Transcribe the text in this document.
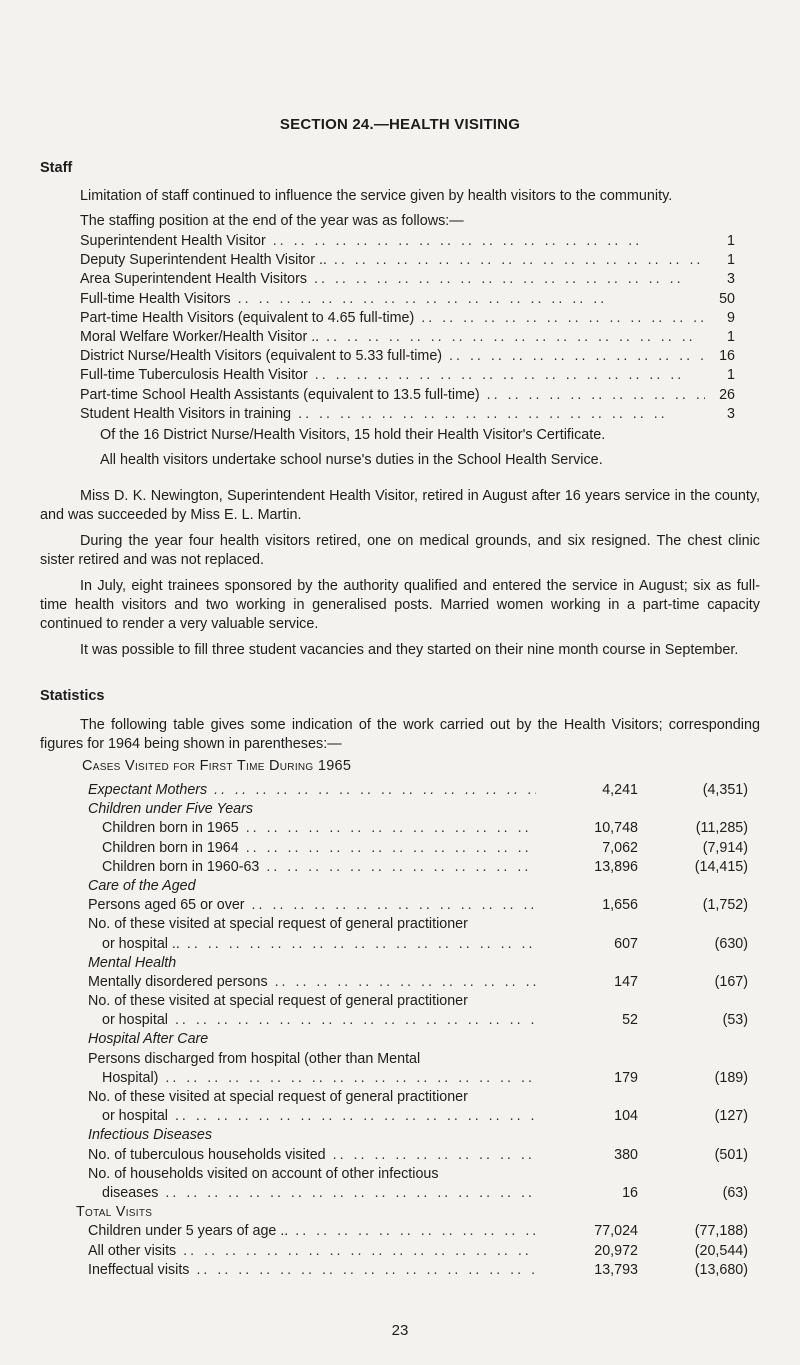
SECTION 24.—HEALTH VISITING
Staff
Limitation of staff continued to influence the service given by health visitors to the community.
The staffing position at the end of the year was as follows:—
Superintendent Health Visitor .. ..	1
Deputy Superintendent Health Visitor .. .. ..	1
Area Superintendent Health Visitors .. ..	3
Full-time Health Visitors .. ..	50
Part-time Health Visitors (equivalent to 4.65 full-time) .. ..	9
Moral Welfare Worker/Health Visitor .. .. ..	1
District Nurse/Health Visitors (equivalent to 5.33 full-time) .. ..	16
Full-time Tuberculosis Health Visitor .. ..	1
Part-time School Health Assistants (equivalent to 13.5 full-time) .. ..	26
Student Health Visitors in training .. ..	3
Of the 16 District Nurse/Health Visitors, 15 hold their Health Visitor's Certificate.
All health visitors undertake school nurse's duties in the School Health Service.
Miss D. K. Newington, Superintendent Health Visitor, retired in August after 16 years service in the county, and was succeeded by Miss E. L. Martin.
During the year four health visitors retired, one on medical grounds, and six resigned. The chest clinic sister retired and was not replaced.
In July, eight trainees sponsored by the authority qualified and entered the service in August; six as full-time health visitors and two working in generalised posts. Married women working in a part-time capacity continued to render a very valuable service.
It was possible to fill three student vacancies and they started on their nine month course in September.
Statistics
The following table gives some indication of the work carried out by the Health Visitors; corresponding figures for 1964 being shown in parentheses:—
Cases Visited for First Time During 1965
Expectant Mothers .. ..	4,241	(4,351)
Children under Five Years
Children born in 1965 .. ..	10,748	(11,285)
Children born in 1964 .. ..	7,062	(7,914)
Children born in 1960-63 .. ..	13,896	(14,415)
Care of the Aged
Persons aged 65 or over .. ..	1,656	(1,752)
No. of these visited at special request of general practitioner
or hospital .. .. ..	607	(630)
Mental Health
Mentally disordered persons .. ..	147	(167)
No. of these visited at special request of general practitioner
or hospital .. ..	52	(53)
Hospital After Care
Persons discharged from hospital (other than Mental
Hospital) .. ..	179	(189)
No. of these visited at special request of general practitioner
or hospital .. ..	104	(127)
Infectious Diseases
No. of tuberculous households visited .. ..	380	(501)
No. of households visited on account of other infectious
diseases .. ..	16	(63)
Total Visits
Children under 5 years of age .. .. ..	77,024	(77,188)
All other visits .. ..	20,972	(20,544)
Ineffectual visits .. ..	13,793	(13,680)
23
